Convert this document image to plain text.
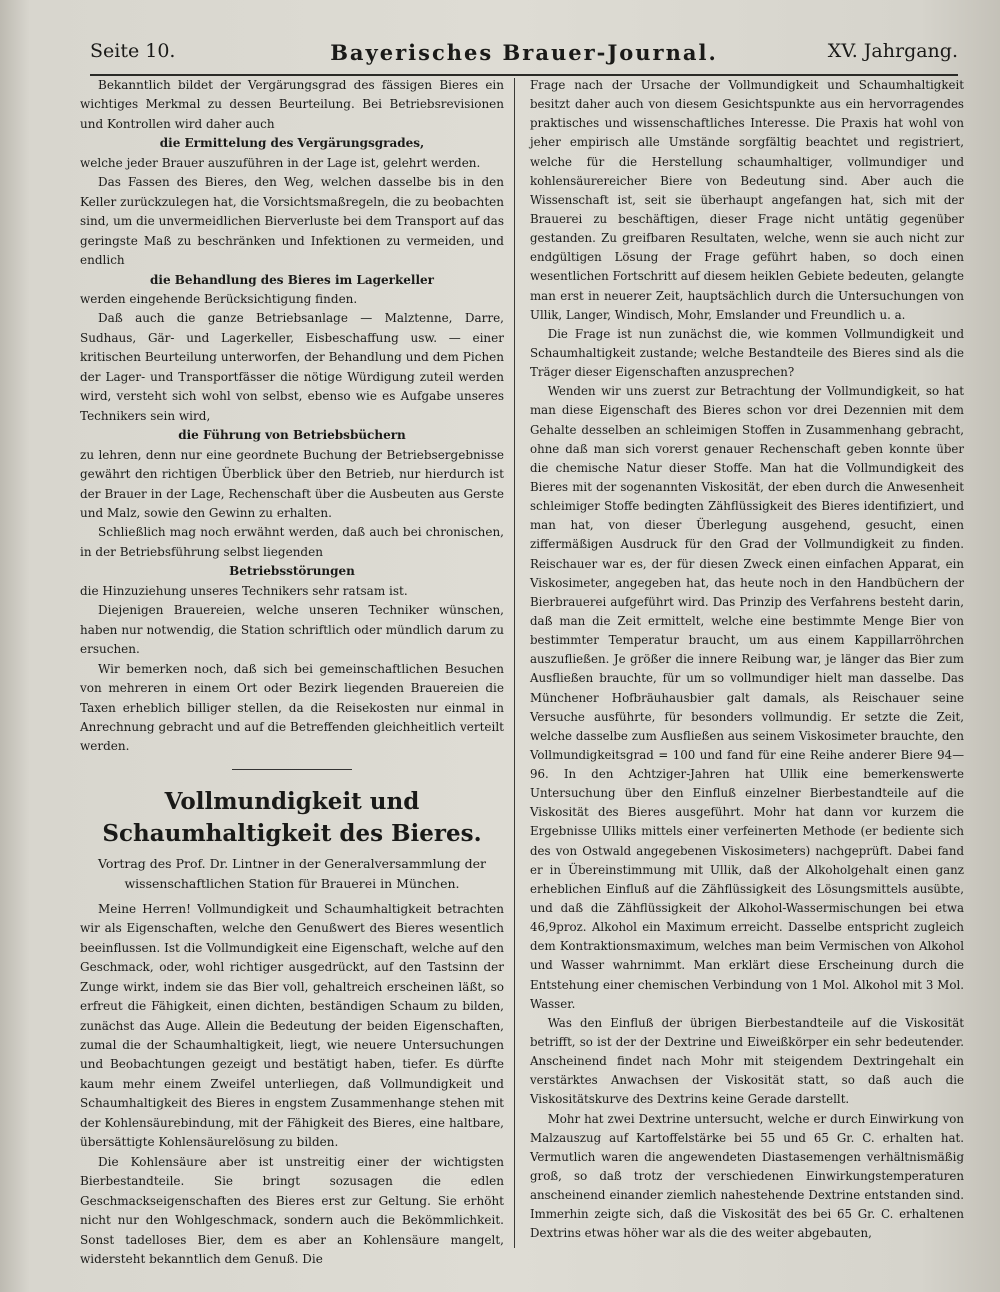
Seite 10.	Bayerisches Brauer-Journal.	XV. Jahrgang.

Bekanntlich bildet der Vergärungsgrad des fässigen Bieres ein wichtiges Merkmal zu dessen Beurteilung. Bei Betriebsrevisionen und Kontrollen wird daher auch

die Ermittelung des Vergärungsgrades,

welche jeder Brauer auszuführen in der Lage ist, gelehrt werden.

Das Fassen des Bieres, den Weg, welchen dasselbe bis in den Keller zurückzulegen hat, die Vorsichtsmaßregeln, die zu beobachten sind, um die unvermeidlichen Bierverluste bei dem Transport auf das geringste Maß zu beschränken und Infektionen zu vermeiden, und endlich

die Behandlung des Bieres im Lagerkeller

werden eingehende Berücksichtigung finden.

Daß auch die ganze Betriebsanlage — Malztenne, Darre, Sudhaus, Gär- und Lagerkeller, Eisbeschaffung usw. — einer kritischen Beurteilung unterworfen, der Behandlung und dem Pichen der Lager- und Transportfässer die nötige Würdigung zuteil werden wird, versteht sich wohl von selbst, ebenso wie es Aufgabe unseres Technikers sein wird,

die Führung von Betriebsbüchern

zu lehren, denn nur eine geordnete Buchung der Betriebsergebnisse gewährt den richtigen Überblick über den Betrieb, nur hierdurch ist der Brauer in der Lage, Rechenschaft über die Ausbeuten aus Gerste und Malz, sowie den Gewinn zu erhalten.

Schließlich mag noch erwähnt werden, daß auch bei chronischen, in der Betriebsführung selbst liegenden

Betriebsstörungen

die Hinzuziehung unseres Technikers sehr ratsam ist.

Diejenigen Brauereien, welche unseren Techniker wünschen, haben nur notwendig, die Station schriftlich oder mündlich darum zu ersuchen.

Wir bemerken noch, daß sich bei gemeinschaftlichen Besuchen von mehreren in einem Ort oder Bezirk liegenden Brauereien die Taxen erheblich billiger stellen, da die Reisekosten nur einmal in Anrechnung gebracht und auf die Betreffenden gleichheitlich verteilt werden.

Vollmundigkeit und Schaumhaltigkeit des Bieres.

Vortrag des Prof. Dr. Lintner in der Generalversammlung der wissenschaftlichen Station für Brauerei in München.

Meine Herren! Vollmundigkeit und Schaumhaltigkeit betrachten wir als Eigenschaften, welche den Genußwert des Bieres wesentlich beeinflussen. Ist die Vollmundigkeit eine Eigenschaft, welche auf den Geschmack, oder, wohl richtiger ausgedrückt, auf den Tastsinn der Zunge wirkt, indem sie das Bier voll, gehaltreich erscheinen läßt, so erfreut die Fähigkeit, einen dichten, beständigen Schaum zu bilden, zunächst das Auge. Allein die Bedeutung der beiden Eigenschaften, zumal die der Schaumhaltigkeit, liegt, wie neuere Untersuchungen und Beobachtungen gezeigt und bestätigt haben, tiefer. Es dürfte kaum mehr einem Zweifel unterliegen, daß Vollmundigkeit und Schaumhaltigkeit des Bieres in engstem Zusammenhange stehen mit der Kohlensäurebindung, mit der Fähigkeit des Bieres, eine haltbare, übersättigte Kohlensäurelösung zu bilden.

Die Kohlensäure aber ist unstreitig einer der wichtigsten Bierbestandteile. Sie bringt sozusagen die edlen Geschmackseigenschaften des Bieres erst zur Geltung. Sie erhöht nicht nur den Wohlgeschmack, sondern auch die Bekömmlichkeit. Sonst tadelloses Bier, dem es aber an Kohlensäure mangelt, widersteht bekanntlich dem Genuß. Die

Frage nach der Ursache der Vollmundigkeit und Schaumhaltigkeit besitzt daher auch von diesem Gesichtspunkte aus ein hervorragendes praktisches und wissenschaftliches Interesse. Die Praxis hat wohl von jeher empirisch alle Umstände sorgfältig beachtet und registriert, welche für die Herstellung schaumhaltiger, vollmundiger und kohlensäurereicher Biere von Bedeutung sind. Aber auch die Wissenschaft ist, seit sie überhaupt angefangen hat, sich mit der Brauerei zu beschäftigen, dieser Frage nicht untätig gegenüber gestanden. Zu greifbaren Resultaten, welche, wenn sie auch nicht zur endgültigen Lösung der Frage geführt haben, so doch einen wesentlichen Fortschritt auf diesem heiklen Gebiete bedeuten, gelangte man erst in neuerer Zeit, hauptsächlich durch die Untersuchungen von Ullik, Langer, Windisch, Mohr, Emslander und Freundlich u. a.

Die Frage ist nun zunächst die, wie kommen Vollmundigkeit und Schaumhaltigkeit zustande; welche Bestandteile des Bieres sind als die Träger dieser Eigenschaften anzusprechen?

Wenden wir uns zuerst zur Betrachtung der Vollmundigkeit, so hat man diese Eigenschaft des Bieres schon vor drei Dezennien mit dem Gehalte desselben an schleimigen Stoffen in Zusammenhang gebracht, ohne daß man sich vorerst genauer Rechenschaft geben konnte über die chemische Natur dieser Stoffe. Man hat die Vollmundigkeit des Bieres mit der sogenannten Viskosität, der eben durch die Anwesenheit schleimiger Stoffe bedingten Zähflüssigkeit des Bieres identifiziert, und man hat, von dieser Überlegung ausgehend, gesucht, einen ziffermäßigen Ausdruck für den Grad der Vollmundigkeit zu finden. Reischauer war es, der für diesen Zweck einen einfachen Apparat, ein Viskosimeter, angegeben hat, das heute noch in den Handbüchern der Bierbrauerei aufgeführt wird. Das Prinzip des Verfahrens besteht darin, daß man die Zeit ermittelt, welche eine bestimmte Menge Bier von bestimmter Temperatur braucht, um aus einem Kappillarröhrchen auszufließen. Je größer die innere Reibung war, je länger das Bier zum Ausfließen brauchte, für um so vollmundiger hielt man dasselbe. Das Münchener Hofbräuhausbier galt damals, als Reischauer seine Versuche ausführte, für besonders vollmundig. Er setzte die Zeit, welche dasselbe zum Ausfließen aus seinem Viskosimeter brauchte, den Vollmundigkeitsgrad = 100 und fand für eine Reihe anderer Biere 94—96. In den Achtziger-Jahren hat Ullik eine bemerkenswerte Untersuchung über den Einfluß einzelner Bierbestandteile auf die Viskosität des Bieres ausgeführt. Mohr hat dann vor kurzem die Ergebnisse Ulliks mittels einer verfeinerten Methode (er bediente sich des von Ostwald angegebenen Viskosimeters) nachgeprüft. Dabei fand er in Übereinstimmung mit Ullik, daß der Alkoholgehalt einen ganz erheblichen Einfluß auf die Zähflüssigkeit des Lösungsmittels ausübte, und daß die Zähflüssigkeit der Alkohol-Wassermischungen bei etwa 46,9proz. Alkohol ein Maximum erreicht. Dasselbe entspricht zugleich dem Kontraktionsmaximum, welches man beim Vermischen von Alkohol und Wasser wahrnimmt. Man erklärt diese Erscheinung durch die Entstehung einer chemischen Verbindung von 1 Mol. Alkohol mit 3 Mol. Wasser.

Was den Einfluß der übrigen Bierbestandteile auf die Viskosität betrifft, so ist der der Dextrine und Eiweißkörper ein sehr bedeutender. Anscheinend findet nach Mohr mit steigendem Dextringehalt ein verstärktes Anwachsen der Viskosität statt, so daß auch die Viskositätskurve des Dextrins keine Gerade darstellt.

Mohr hat zwei Dextrine untersucht, welche er durch Einwirkung von Malzauszug auf Kartoffelstärke bei 55 und 65 Gr. C. erhalten hat. Vermutlich waren die angewendeten Diastasemengen verhältnismäßig groß, so daß trotz der verschiedenen Einwirkungstemperaturen anscheinend einander ziemlich nahestehende Dextrine entstanden sind. Immerhin zeigte sich, daß die Viskosität des bei 65 Gr. C. erhaltenen Dextrins etwas höher war als die des weiter abgebauten,
